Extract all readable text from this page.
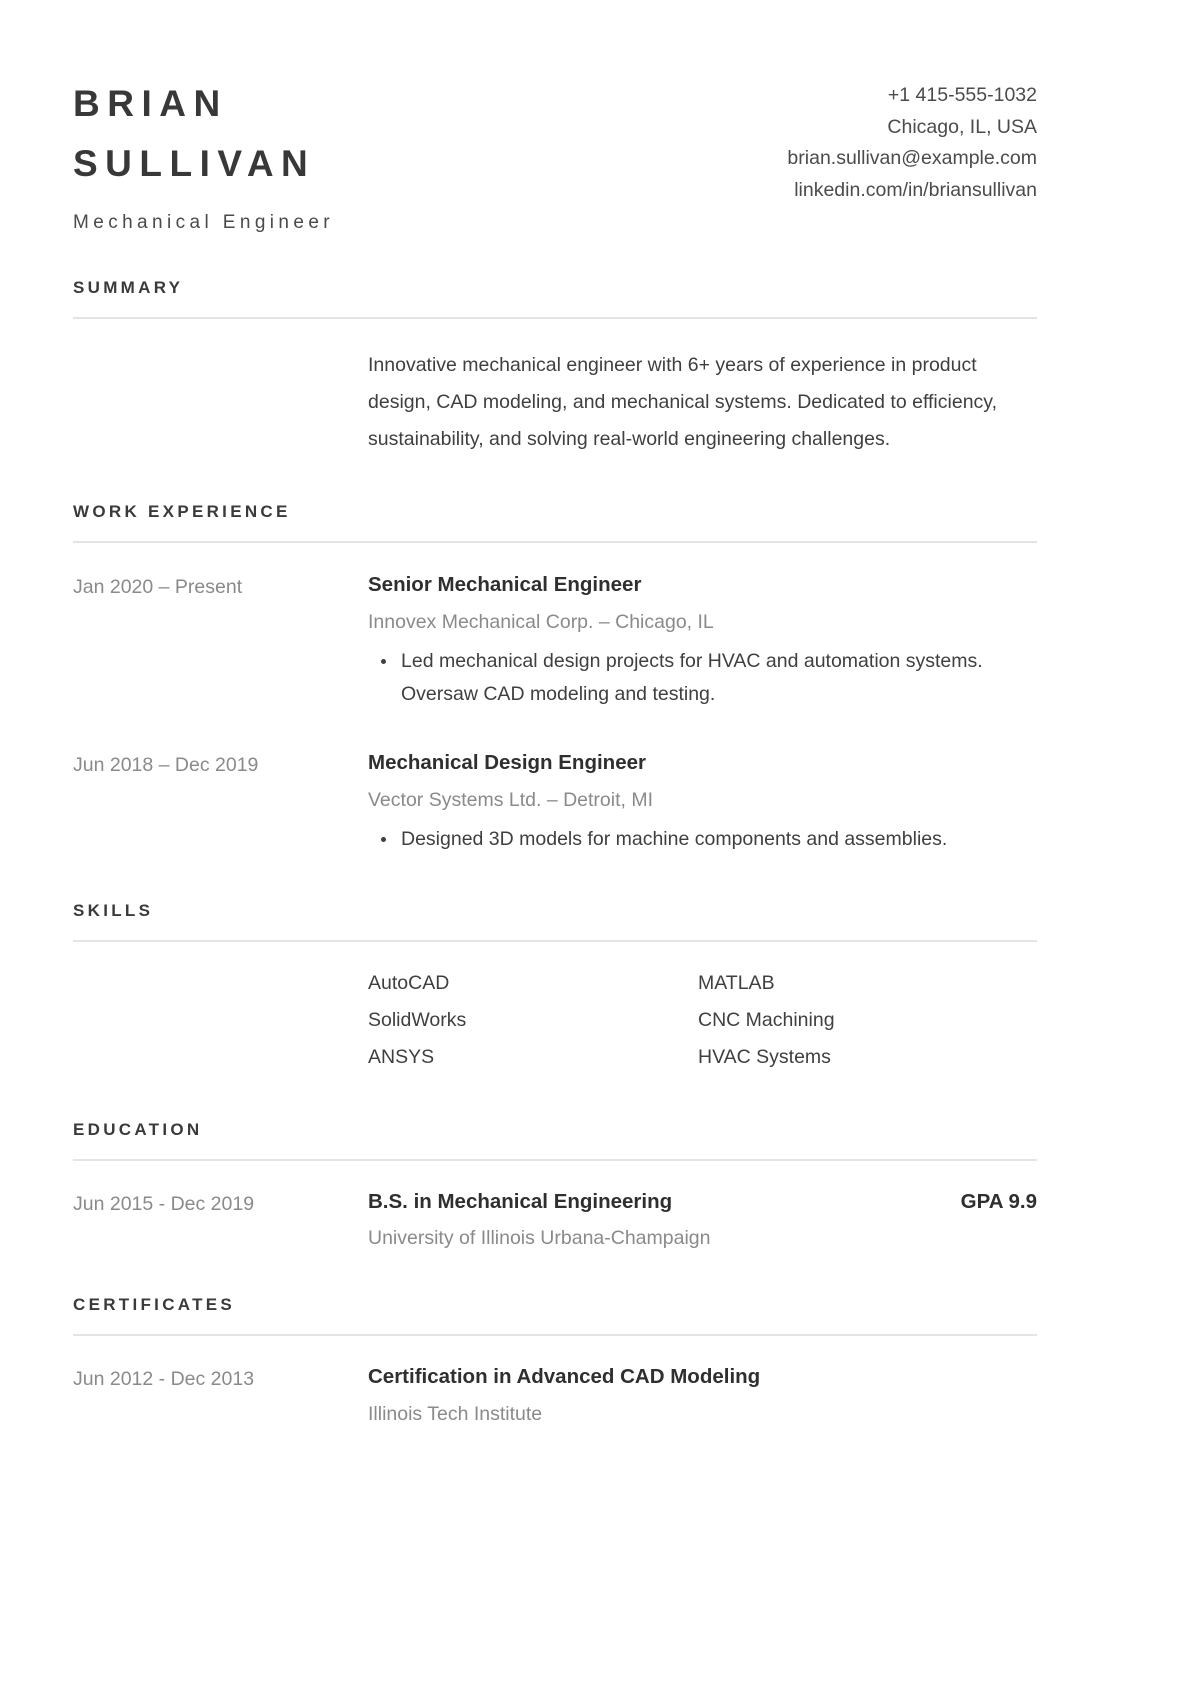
BRIAN
SULLIVAN
Mechanical Engineer
+1 415-555-1032
Chicago, IL, USA
brian.sullivan@example.com
linkedin.com/in/briansullivan
SUMMARY
Innovative mechanical engineer with 6+ years of experience in product design, CAD modeling, and mechanical systems. Dedicated to efficiency, sustainability, and solving real-world engineering challenges.
WORK EXPERIENCE
Jan 2020 – Present	Senior Mechanical Engineer
Innovex Mechanical Corp. – Chicago, IL
Led mechanical design projects for HVAC and automation systems. Oversaw CAD modeling and testing.
Jun 2018 – Dec 2019	Mechanical Design Engineer
Vector Systems Ltd. – Detroit, MI
Designed 3D models for machine components and assemblies.
SKILLS
AutoCAD	MATLAB
SolidWorks	CNC Machining
ANSYS	HVAC Systems
EDUCATION
Jun 2015 - Dec 2019	B.S. in Mechanical Engineering	GPA 9.9
University of Illinois Urbana-Champaign
CERTIFICATES
Jun 2012 - Dec 2013	Certification in Advanced CAD Modeling
Illinois Tech Institute
